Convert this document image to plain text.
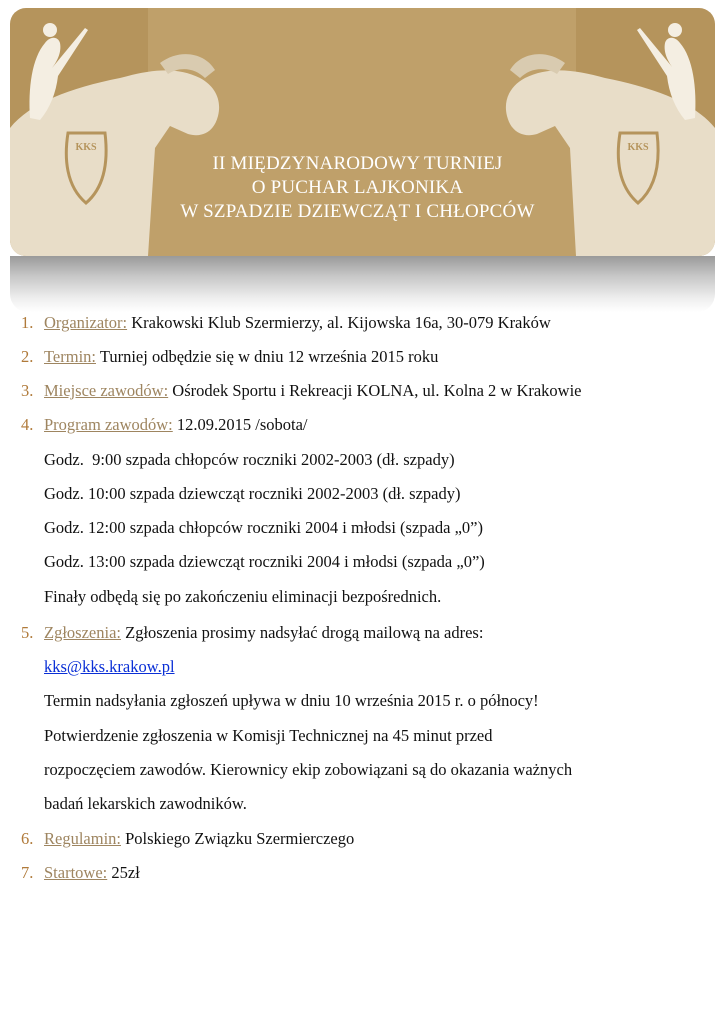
KKS	KKS
II MIĘDZYNARODOWY TURNIEJ
O PUCHAR LAJKONIKA
W SZPADZIE DZIEWCZĄT I CHŁOPCÓW
1. Organizator: Krakowski Klub Szermierzy, al. Kijowska 16a, 30-079 Kraków
2. Termin: Turniej odbędzie się w dniu 12 września 2015 roku
3. Miejsce zawodów: Ośrodek Sportu i Rekreacji KOLNA, ul. Kolna 2 w Krakowie
4. Program zawodów: 12.09.2015 /sobota/
Godz.  9:00 szpada chłopców roczniki 2002-2003 (dł. szpady)
Godz. 10:00 szpada dziewcząt roczniki 2002-2003 (dł. szpady)
Godz. 12:00 szpada chłopców roczniki 2004 i młodsi (szpada „0”)
Godz. 13:00 szpada dziewcząt roczniki 2004 i młodsi (szpada „0”)
Finały odbędą się po zakończeniu eliminacji bezpośrednich.
5. Zgłoszenia: Zgłoszenia prosimy nadsyłać drogą mailową na adres:
kks@kks.krakow.pl
Termin nadsyłania zgłoszeń upływa w dniu 10 września 2015 r. o północy!
Potwierdzenie zgłoszenia w Komisji Technicznej na 45 minut przed
rozpoczęciem zawodów. Kierownicy ekip zobowiązani są do okazania ważnych
badań lekarskich zawodników.
6. Regulamin: Polskiego Związku Szermierczego
7. Startowe: 25zł
